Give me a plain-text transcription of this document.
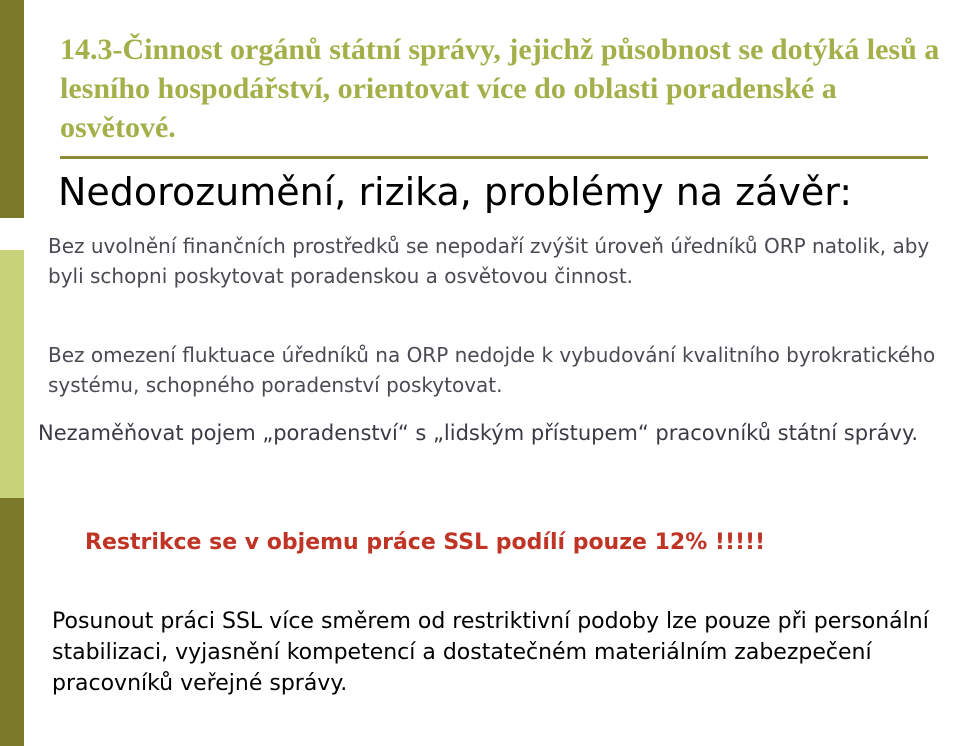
14.3-Činnost orgánů státní správy, jejichž působnost se dotýká lesů a lesního hospodářství, orientovat více do oblasti poradenské a osvětové.
Nedorozumění, rizika, problémy na závěr:

Bez uvolnění finančních prostředků se nepodaří zvýšit úroveň úředníků ORP natolik, aby byli schopni poskytovat poradenskou a osvětovou činnost.

Bez omezení fluktuace úředníků na ORP nedojde k vybudování kvalitního byrokratického systému, schopného poradenství poskytovat.

Nezaměňovat pojem „poradenství“ s „lidským přístupem“ pracovníků státní správy.

Restrikce se v objemu práce SSL podílí pouze 12% !!!!!

Posunout práci SSL více směrem od restriktivní podoby lze pouze při personální stabilizaci, vyjasnění kompetencí a dostatečném materiálním zabezpečení pracovníků veřejné správy.
